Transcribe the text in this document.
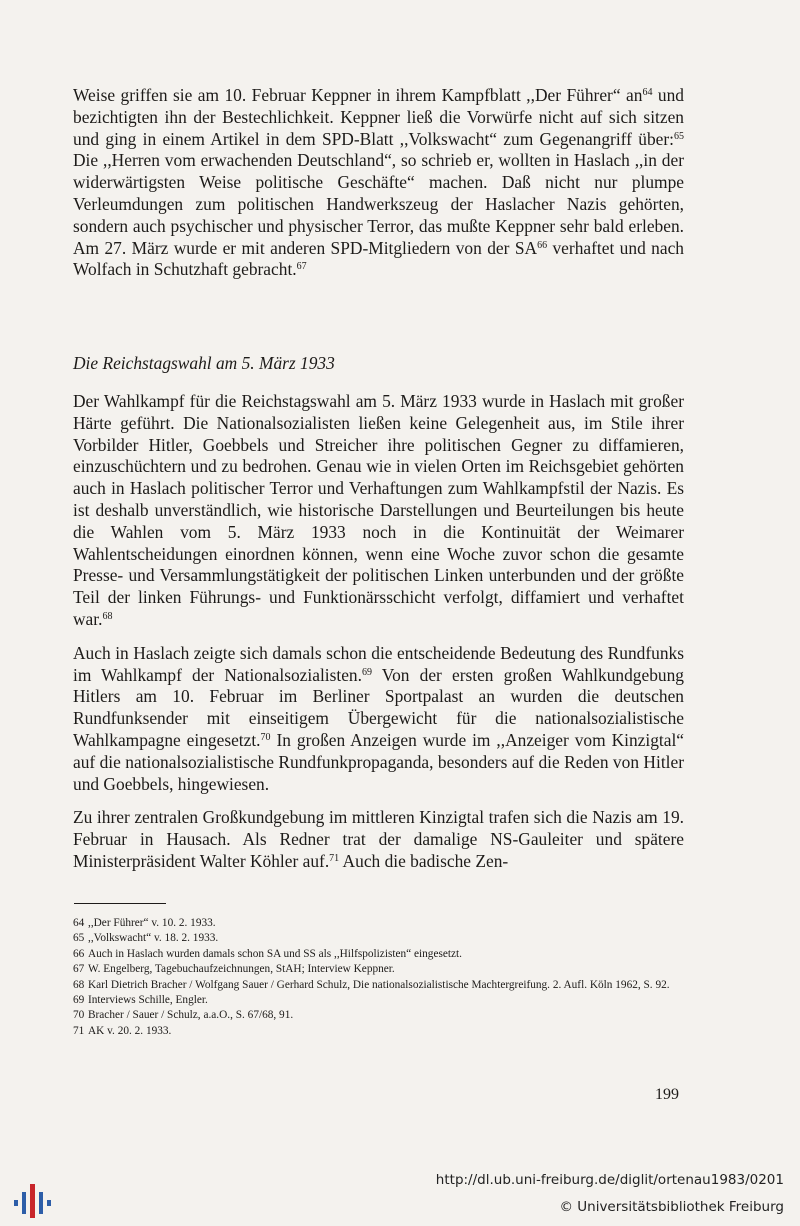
Weise griffen sie am 10. Februar Keppner in ihrem Kampfblatt ,,Der Führer“ $an^{64}$ und bezichtigten ihn der Bestechlichkeit. Keppner ließ die Vorwürfe nicht auf sich sitzen und ging in einem Artikel in dem SPD-Blatt ,,Volkswacht“ zum Gegenangriff über:$^{65}$ Die ,,Herren vom erwachenden Deutschland“, so schrieb er, wollten in Haslach ,,in der widerwärtigsten Weise politische Geschäfte“ machen. Daß nicht nur plumpe Verleumdungen zum politischen Handwerkszeug der Haslacher Nazis gehörten, sondern auch psychischer und physischer Terror, das mußte Keppner sehr bald erleben. Am 27. März wurde er mit anderen SPD-Mitgliedern von der SA$^{66}$ verhaftet und nach Wolfach in Schutzhaft gebracht.$^{67}$

Die Reichstagswahl am 5. März 1933

Der Wahlkampf für die Reichstagswahl am 5. März 1933 wurde in Haslach mit großer Härte geführt. Die Nationalsozialisten ließen keine Gelegenheit aus, im Stile ihrer Vorbilder Hitler, Goebbels und Streicher ihre politischen Gegner zu diffamieren, einzuschüchtern und zu bedrohen. Genau wie in vielen Orten im Reichsgebiet gehörten auch in Haslach politischer Terror und Verhaftungen zum Wahlkampfstil der Nazis. Es ist deshalb unverständlich, wie historische Darstellungen und Beurteilungen bis heute die Wahlen vom 5. März 1933 noch in die Kontinuität der Weimarer Wahlentscheidungen einordnen können, wenn eine Woche zuvor schon die gesamte Presse- und Versammlungstätigkeit der politischen Linken unterbunden und der größte Teil der linken Führungs- und Funktionärsschicht verfolgt, diffamiert und verhaftet war.$^{68}$

Auch in Haslach zeigte sich damals schon die entscheidende Bedeutung des Rundfunks im Wahlkampf der Nationalsozialisten.$^{69}$ Von der ersten großen Wahlkundgebung Hitlers am 10. Februar im Berliner Sportpalast an wurden die deutschen Rundfunksender mit einseitigem Übergewicht für die nationalsozialistische Wahlkampagne eingesetzt.$^{70}$ In großen Anzeigen wurde im ,,Anzeiger vom Kinzigtal“ auf die nationalsozialistische Rundfunkpropaganda, besonders auf die Reden von Hitler und Goebbels, hingewiesen.

Zu ihrer zentralen Großkundgebung im mittleren Kinzigtal trafen sich die Nazis am 19. Februar in Hausach. Als Redner trat der damalige NS-Gauleiter und spätere Ministerpräsident Walter Köhler auf.$^{71}$ Auch die badische Zen-

64 ,,Der Führer“ v. 10. 2. 1933.
65 ,,Volkswacht“ v. 18. 2. 1933.
66 Auch in Haslach wurden damals schon SA und SS als ,,Hilfspolizisten“ eingesetzt.
67 W. Engelberg, Tagebuchaufzeichnungen, StAH; Interview Keppner.
68 Karl Dietrich Bracher / Wolfgang Sauer / Gerhard Schulz, Die nationalsozialistische Machtergreifung. 2. Aufl. Köln 1962, S. 92.
69 Interviews Schille, Engler.
70 Bracher / Sauer / Schulz, a.a.O., S. 67/68, 91.
71 AK v. 20. 2. 1933.
199
http://dl.ub.uni-freiburg.de/diglit/ortenau1983/0201
© Universitätsbibliothek Freiburg
